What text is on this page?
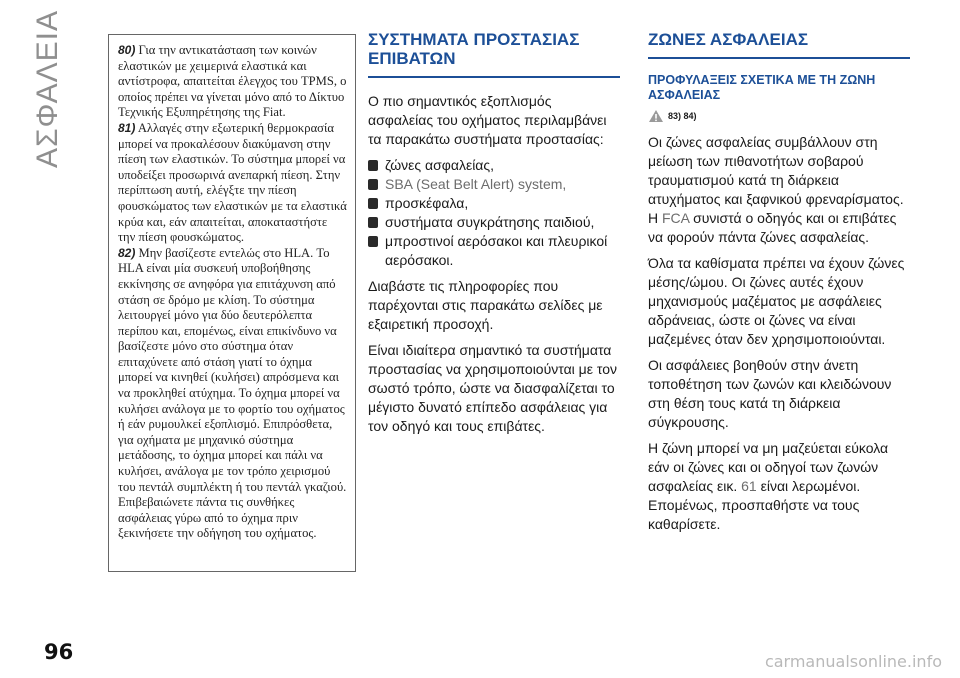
ΑΣΦΑΛΕΙΑ	80) Για την αντικατάσταση των κοινών ελαστικών με χειμερινά ελαστικά και αντίστροφα, απαιτείται έλεγχος του TPMS, ο οποίος πρέπει να γίνεται μόνο από το Δίκτυο Τεχνικής Εξυπηρέτησης της Fiat.

81) Αλλαγές στην εξωτερική θερμοκρασία μπορεί να προκαλέσουν διακύμανση στην πίεση των ελαστικών. Το σύστημα μπορεί να υποδείξει προσωρινά ανεπαρκή πίεση. Στην περίπτωση αυτή, ελέγξτε την πίεση φουσκώματος των ελαστικών με τα ελαστικά κρύα και, εάν απαιτείται, αποκαταστήστε την πίεση φουσκώματος.

82) Μην βασίζεστε εντελώς στο HLA. Το HLA είναι μία συσκευή υποβοήθησης εκκίνησης σε ανηφόρα για επιτάχυνση από στάση σε δρόμο με κλίση. Το σύστημα λειτουργεί μόνο για δύο δευτερόλεπτα περίπου και, επομένως, είναι επικίνδυνο να βασίζεστε μόνο στο σύστημα όταν επιταχύνετε από στάση γιατί το όχημα μπορεί να κινηθεί (κυλήσει) απρόσμενα και να προκληθεί ατύχημα. Το όχημα μπορεί να κυλήσει ανάλογα με το φορτίο του οχήματος ή εάν ρυμουλκεί εξοπλισμό. Επιπρόσθετα, για οχήματα με μηχανικό σύστημα μετάδοσης, το όχημα μπορεί και πάλι να κυλήσει, ανάλογα με τον τρόπο χειρισμού του πεντάλ συμπλέκτη ή του πεντάλ γκαζιού. Επιβεβαιώνετε πάντα τις συνθήκες ασφάλειας γύρω από το όχημα πριν ξεκινήσετε την οδήγηση του οχήματος.

ΣΥΣΤΗΜΑΤΑ ΠΡΟΣΤΑΣΙΑΣ ΕΠΙΒΑΤΩΝ

Ο πιο σημαντικός εξοπλισμός ασφαλείας του οχήματος περιλαμβάνει τα παρακάτω συστήματα προστασίας:

ζώνες ασφαλείας,
SBA (Seat Belt Alert) system,
προσκέφαλα,
συστήματα συγκράτησης παιδιού,
μπροστινοί αερόσακοι και πλευρικοί αερόσακοι.

Διαβάστε τις πληροφορίες που παρέχονται στις παρακάτω σελίδες με εξαιρετική προσοχή.

Είναι ιδιαίτερα σημαντικό τα συστήματα προστασίας να χρησιμοποιούνται με τον σωστό τρόπο, ώστε να διασφαλίζεται το μέγιστο δυνατό επίπεδο ασφάλειας για τον οδηγό και τους επιβάτες.

ΖΩΝΕΣ ΑΣΦΑΛΕΙΑΣ
ΠΡΟΦΥΛΑΞΕΙΣ ΣΧΕΤΙΚΑ ΜΕ ΤΗ ΖΩΝΗ ΑΣΦΑΛΕΙΑΣ
83) 84)

Οι ζώνες ασφαλείας συμβάλλουν στη μείωση των πιθανοτήτων σοβαρού τραυματισμού κατά τη διάρκεια ατυχήματος και ξαφνικού φρεναρίσματος. Η FCA συνιστά ο οδηγός και οι επιβάτες να φορούν πάντα ζώνες ασφαλείας.

Όλα τα καθίσματα πρέπει να έχουν ζώνες μέσης/ώμου. Οι ζώνες αυτές έχουν μηχανισμούς μαζέματος με ασφάλειες αδράνειας, ώστε οι ζώνες να είναι μαζεμένες όταν δεν χρησιμοποιούνται.

Οι ασφάλειες βοηθούν στην άνετη τοποθέτηση των ζωνών και κλειδώνουν στη θέση τους κατά τη διάρκεια σύγκρουσης.

Η ζώνη μπορεί να μη μαζεύεται εύκολα εάν οι ζώνες και οι οδηγοί των ζωνών ασφαλείας εικ. 61 είναι λερωμένοι. Επομένως, προσπαθήστε να τους καθαρίσετε.

96	carmanualsonline.info
